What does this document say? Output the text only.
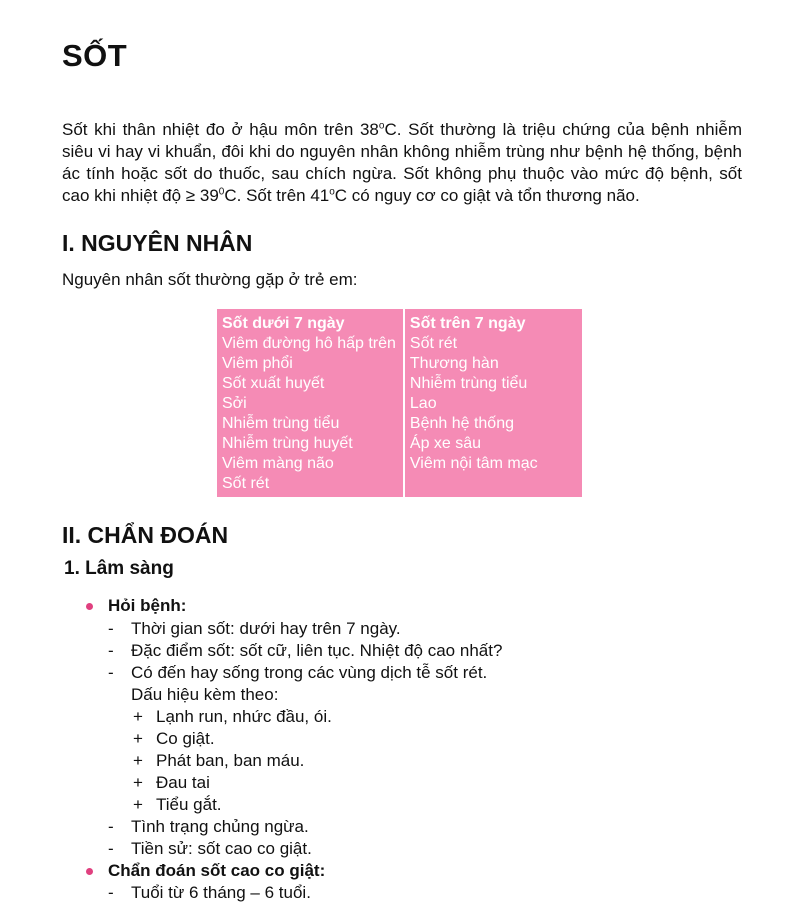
SỐT

Sốt khi thân nhiệt đo ở hậu môn trên 38$^o$C. Sốt thường là triệu chứng của bệnh nhiễm siêu vi hay vi khuẩn, đôi khi do nguyên nhân không nhiễm trùng như bệnh hệ thống, bệnh ác tính hoặc sốt do thuốc, sau chích ngừa. Sốt không phụ thuộc vào mức độ bệnh, sốt cao khi nhiệt độ ≥ $39^0C$. Sốt trên 41$^o$C có nguy cơ co giật và tổn thương não.

I. NGUYÊN NHÂN

Nguyên nhân sốt thường gặp ở trẻ em:

Sốt dưới 7 ngày
Viêm đường hô hấp trên
Viêm phổi
Sốt xuất huyết
Sởi
Nhiễm trùng tiểu
Nhiễm trùng huyết
Viêm màng não
Sốt rét
Sốt trên 7 ngày
Sốt rét
Thương hàn
Nhiễm trùng tiểu
Lao
Bệnh hệ thống
Áp xe sâu
Viêm nội tâm mạc
II. CHẨN ĐOÁN
1. Lâm sàng
Hỏi bệnh:
- Thời gian sốt: dưới hay trên 7 ngày.
- Đặc điểm sốt: sốt cữ, liên tục. Nhiệt độ cao nhất?
- Có đến hay sống trong các vùng dịch tễ sốt rét.
Dấu hiệu kèm theo:
+ Lạnh run, nhức đầu, ói.
+ Co giật.
+ Phát ban, ban máu.
+ Đau tai
+ Tiểu gắt.
- Tình trạng chủng ngừa.
- Tiền sử: sốt cao co giật.
Chẩn đoán sốt cao co giật:
- Tuổi từ 6 tháng – 6 tuổi.
